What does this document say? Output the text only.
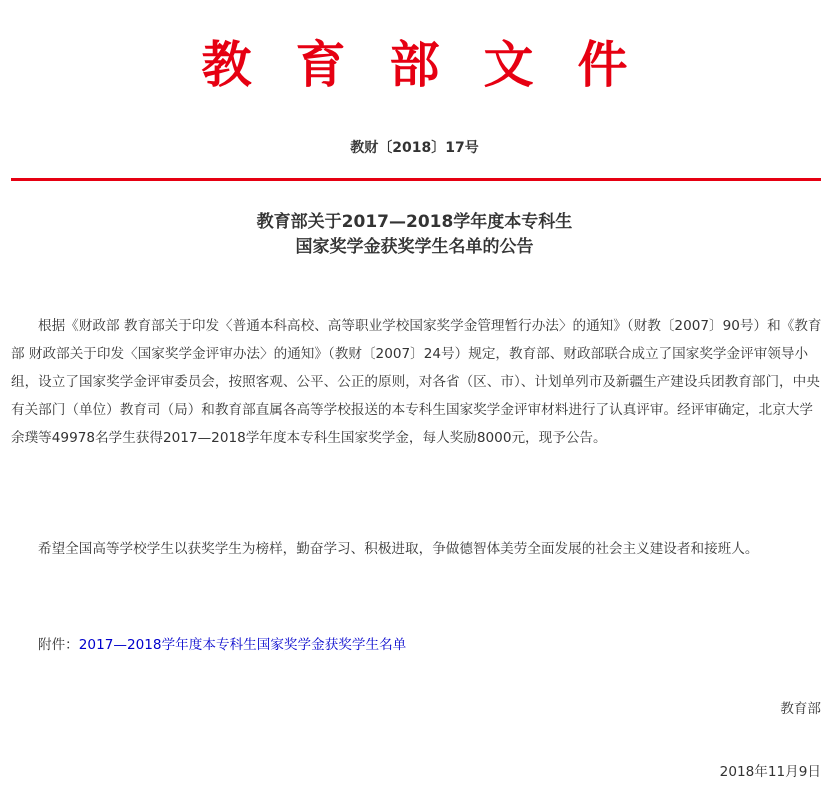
教育部文件
教财〔2018〕17号
教育部关于2017—2018学年度本专科生
国家奖学金获奖学生名单的公告

根据《财政部 教育部关于印发〈普通本科高校、高等职业学校国家奖学金管理暂行办法〉的通知》（财教〔2007〕90号）和《教育部 财政部关于印发〈国家奖学金评审办法〉的通知》（教财〔2007〕24号）规定，教育部、财政部联合成立了国家奖学金评审领导小组，设立了国家奖学金评审委员会，按照客观、公平、公正的原则，对各省（区、市）、计划单列市及新疆生产建设兵团教育部门，中央有关部门（单位）教育司（局）和教育部直属各高等学校报送的本专科生国家奖学金评审材料进行了认真评审。经评审确定，北京大学余璞等49978名学生获得2017—2018学年度本专科生国家奖学金，每人奖励8000元，现予公告。

希望全国高等学校学生以获奖学生为榜样，勤奋学习、积极进取，争做德智体美劳全面发展的社会主义建设者和接班人。

附件：2017—2018学年度本专科生国家奖学金获奖学生名单
教育部
2018年11月9日
